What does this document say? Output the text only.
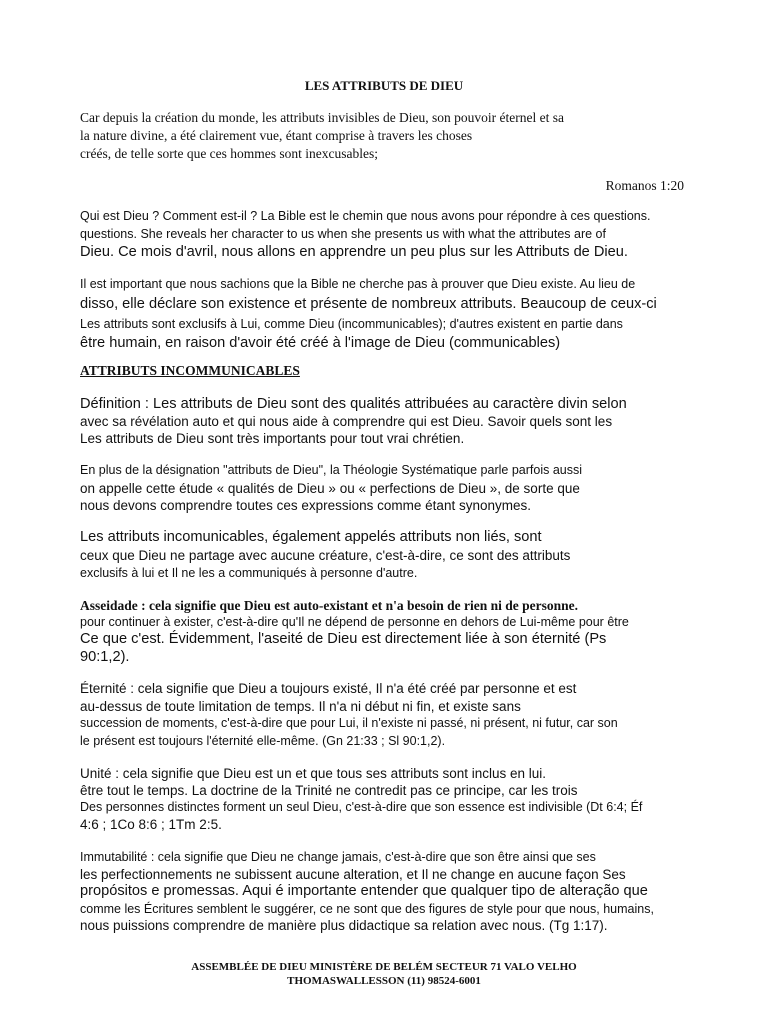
LES ATTRIBUTS DE DIEU

Car depuis la création du monde, les attributs invisibles de Dieu, son pouvoir éternel et sa

la nature divine, a été clairement vue, étant comprise à travers les choses

créés, de telle sorte que ces hommes sont inexcusables;

Romanos 1:20

Qui est Dieu ? Comment est-il ? La Bible est le chemin que nous avons pour répondre à ces questions.

questions. She reveals her character to us when she presents us with what the attributes are of

Dieu. Ce mois d'avril, nous allons en apprendre un peu plus sur les Attributs de Dieu.

Il est important que nous sachions que la Bible ne cherche pas à prouver que Dieu existe. Au lieu de

disso, elle déclare son existence et présente de nombreux attributs. Beaucoup de ceux-ci

Les attributs sont exclusifs à Lui, comme Dieu (incommunicables); d'autres existent en partie dans

être humain, en raison d'avoir été créé à l'image de Dieu (communicables)

ATTRIBUTS INCOMMUNICABLES

Définition : Les attributs de Dieu sont des qualités attribuées au caractère divin selon

avec sa révélation auto et qui nous aide à comprendre qui est Dieu. Savoir quels sont les

Les attributs de Dieu sont très importants pour tout vrai chrétien.

En plus de la désignation "attributs de Dieu", la Théologie Systématique parle parfois aussi

on appelle cette étude « qualités de Dieu » ou « perfections de Dieu », de sorte que

nous devons comprendre toutes ces expressions comme étant synonymes.

Les attributs incomunicables, également appelés attributs non liés, sont

ceux que Dieu ne partage avec aucune créature, c'est-à-dire, ce sont des attributs

exclusifs à lui et Il ne les a communiqués à personne d'autre.

Asseidade : cela signifie que Dieu est auto-existant et n'a besoin de rien ni de personne.

pour continuer à exister, c'est-à-dire qu'Il ne dépend de personne en dehors de Lui-même pour être

Ce que c'est. Évidemment, l'aseité de Dieu est directement liée à son éternité (Ps

90:1,2).

Éternité : cela signifie que Dieu a toujours existé, Il n'a été créé par personne et est

au-dessus de toute limitation de temps. Il n'a ni début ni fin, et existe sans

succession de moments, c'est-à-dire que pour Lui, il n'existe ni passé, ni présent, ni futur, car son

le présent est toujours l'éternité elle-même. (Gn 21:33 ; Sl 90:1,2).

Unité : cela signifie que Dieu est un et que tous ses attributs sont inclus en lui.

être tout le temps. La doctrine de la Trinité ne contredit pas ce principe, car les trois

Des personnes distinctes forment un seul Dieu, c'est-à-dire que son essence est indivisible (Dt 6:4; Éf

4:6 ; 1Co 8:6 ; 1Tm 2:5.

Immutabilité : cela signifie que Dieu ne change jamais, c'est-à-dire que son être ainsi que ses

les perfectionnements ne subissent aucune alteration, et Il ne change en aucune façon Ses

propósitos e promessas. Aqui é importante entender que qualquer tipo de alteração que

comme les Écritures semblent le suggérer, ce ne sont que des figures de style pour que nous, humains,

nous puissions comprendre de manière plus didactique sa relation avec nous. (Tg 1:17).

ASSEMBLÉE DE DIEU MINISTÈRE DE BELÉM SECTEUR 71 VALO VELHO

THOMASWALLESSON (11) 98524-6001
